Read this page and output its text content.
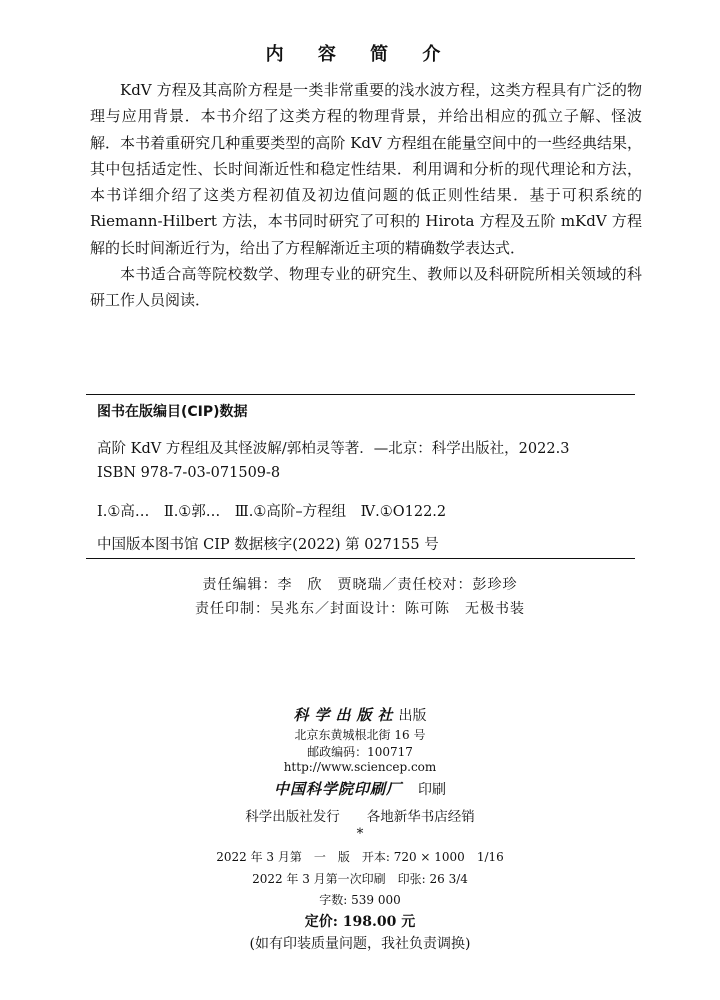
内 容 简 介

KdV 方程及其高阶方程是一类非常重要的浅水波方程，这类方程具有广泛的物理与应用背景．本书介绍了这类方程的物理背景，并给出相应的孤立子解、怪波解．本书着重研究几种重要类型的高阶 KdV 方程组在能量空间中的一些经典结果，其中包括适定性、长时间渐近性和稳定性结果．利用调和分析的现代理论和方法，本书详细介绍了这类方程初值及初边值问题的低正则性结果．基于可积系统的 Riemann-Hilbert 方法，本书同时研究了可积的 Hirota 方程及五阶 mKdV 方程解的长时间渐近行为，给出了方程解渐近主项的精确数学表达式．

本书适合高等院校数学、物理专业的研究生、教师以及科研院所相关领域的科研工作人员阅读．

图书在版编目(CIP)数据
高阶 KdV 方程组及其怪波解/郭柏灵等著．—北京：科学出版社，2022.3
ISBN 978-7-03-071509-8
Ⅰ.①高…　Ⅱ.①郭…　Ⅲ.①高阶–方程组　Ⅳ.①O122.2
中国版本图书馆 CIP 数据核字(2022) 第 027155 号
责任编辑：李　欣　贾晓瑞／责任校对：彭珍珍
责任印制：吴兆东／封面设计：陈可陈　无极书装
科学出版社出版
北京东黄城根北街 16 号
邮政编码：100717
http://www.sciencep.com
中国科学院印刷厂　 印刷
科学出版社发行　　各地新华书店经销
*
2022 年 3 月第　一　版　开本: 720 × 1000　1/16
2022 年 3 月第一次印刷　印张: 26 3/4
字数: 539 000
定价: 198.00 元
(如有印装质量问题，我社负责调换)
